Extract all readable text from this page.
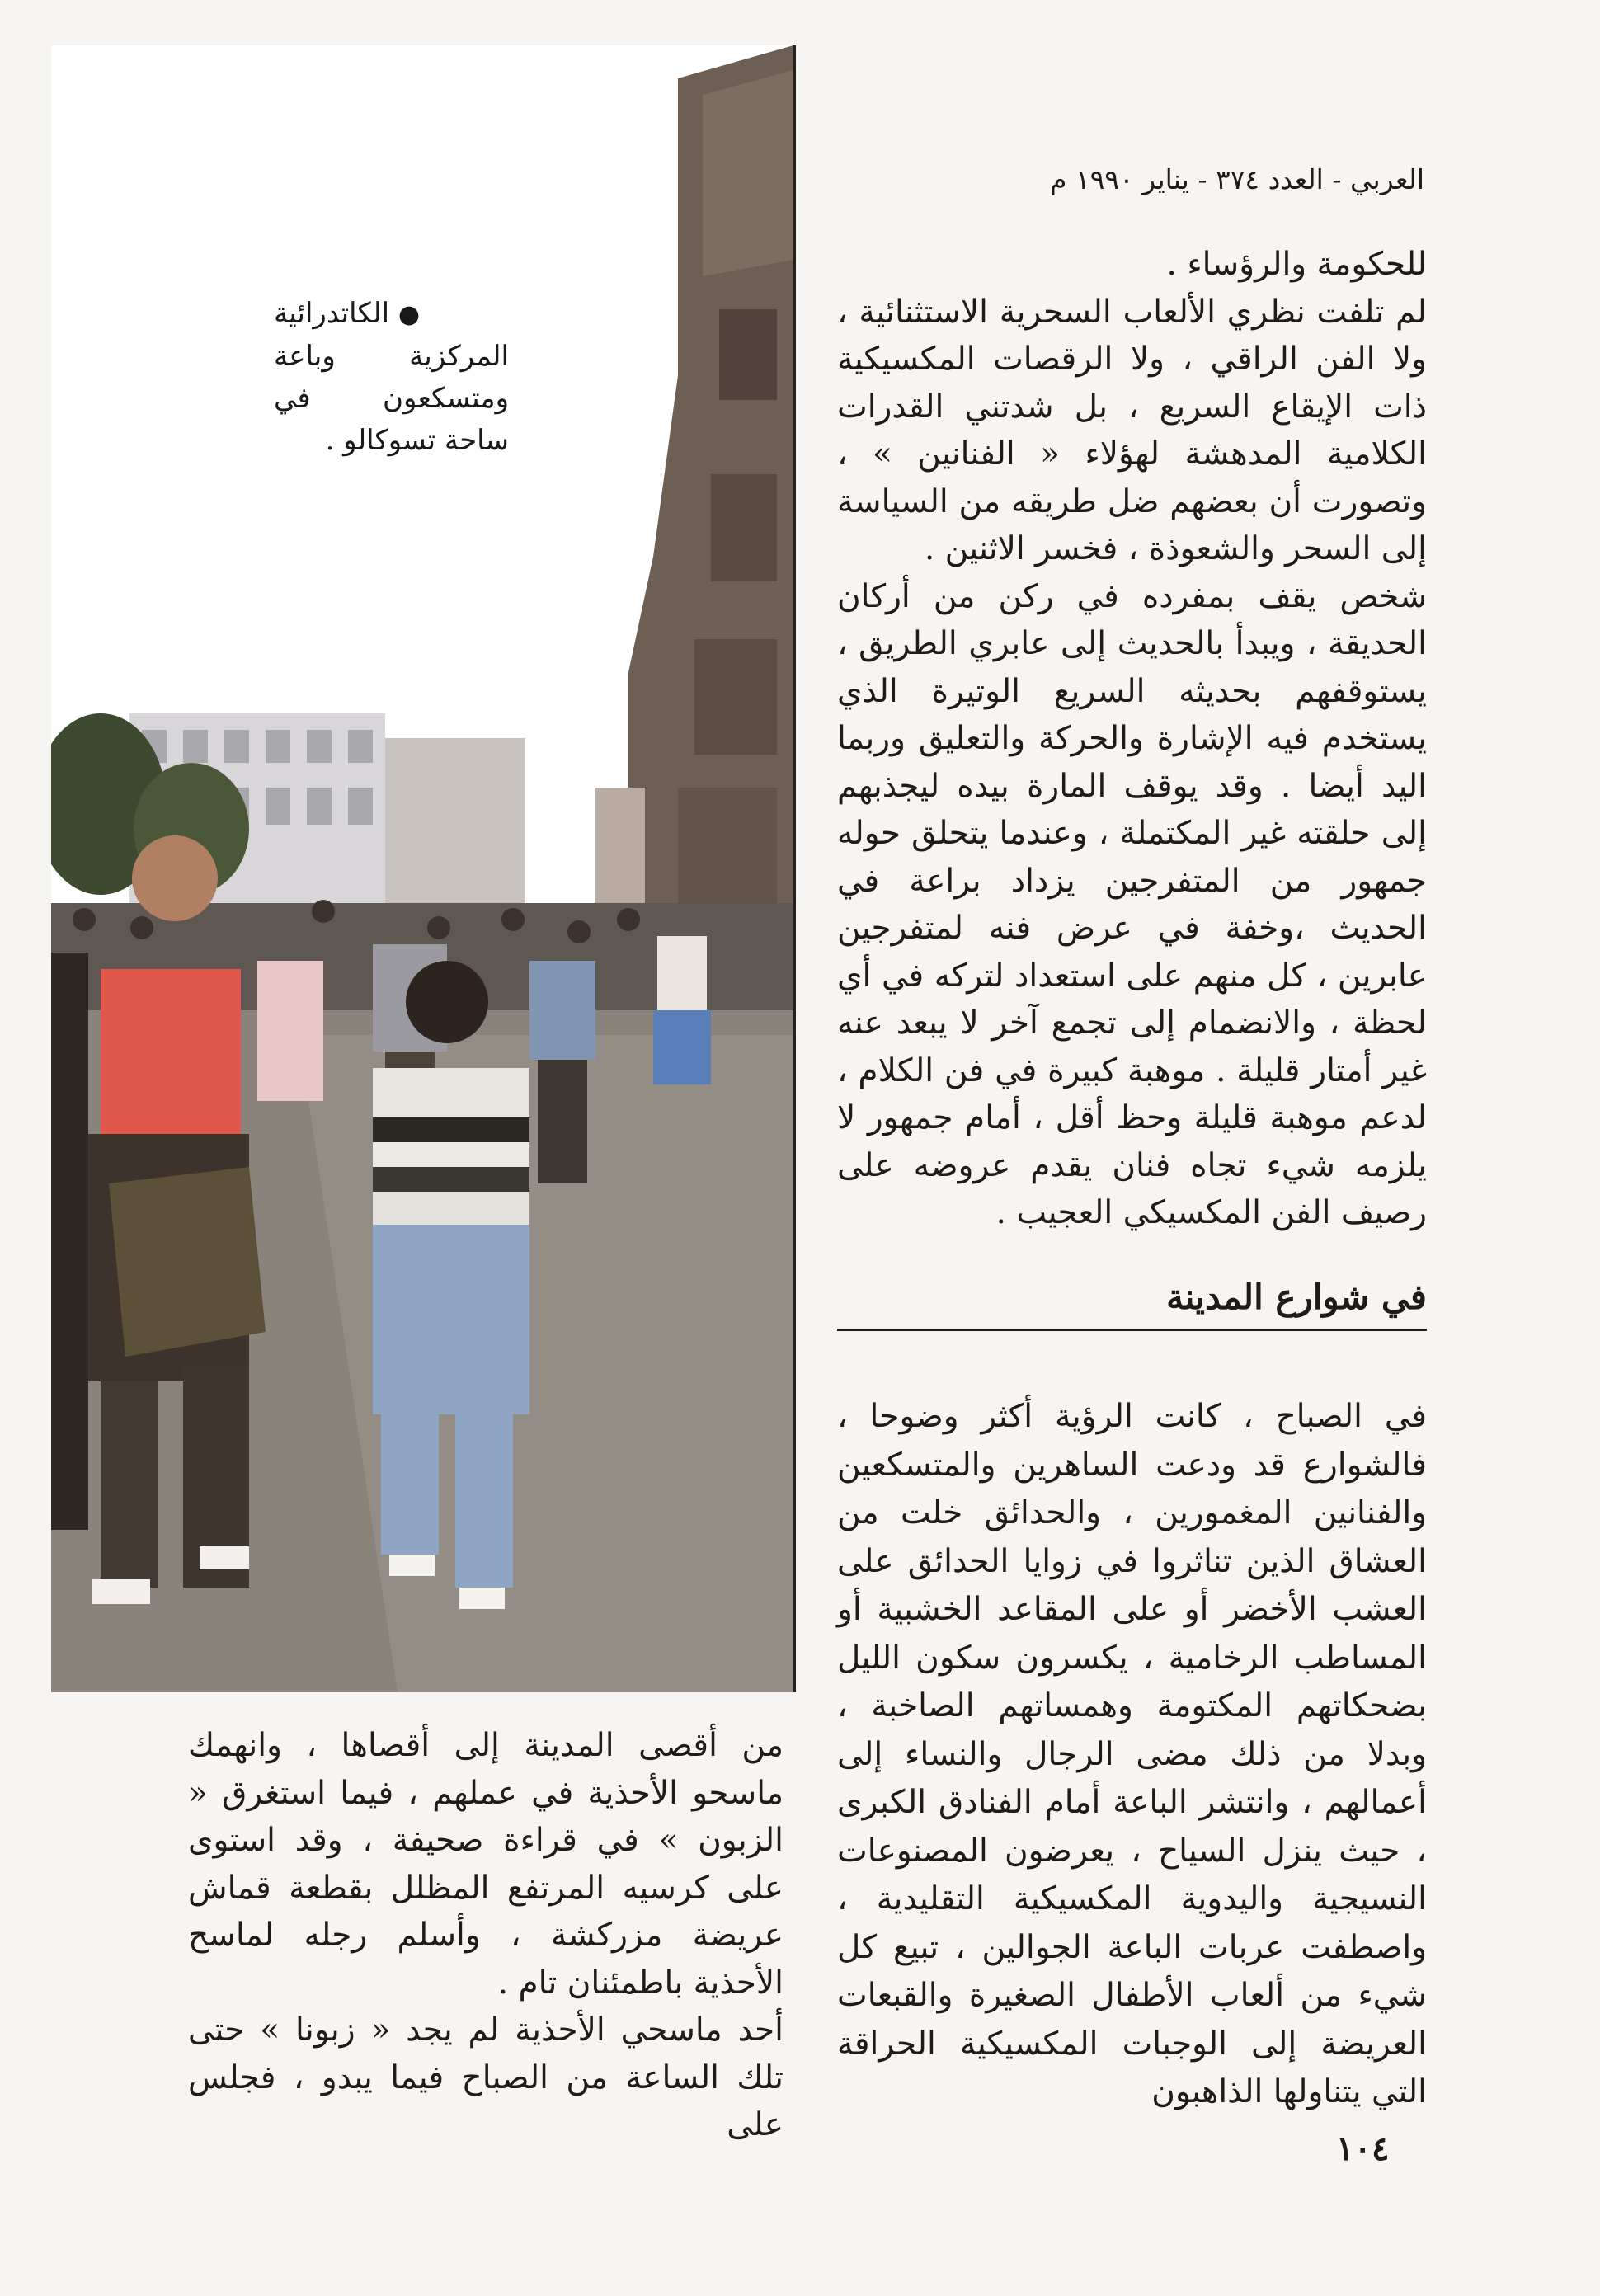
العربي - العدد ٣٧٤ - يناير ١٩٩٠ م
● الكاتدرائية المركزية وباعة ومتسكعون في ساحة تسوكالو .

للحكومة والرؤساء .

لم تلفت نظري الألعاب السحرية الاستثنائية ، ولا الفن الراقي ، ولا الرقصات المكسيكية ذات الإيقاع السريع ، بل شدتني القدرات الكلامية المدهشة لهؤلاء « الفنانين » ، وتصورت أن بعضهم ضل طريقه من السياسة إلى السحر والشعوذة ، فخسر الاثنين .

شخص يقف بمفرده في ركن من أركان الحديقة ، ويبدأ بالحديث إلى عابري الطريق ، يستوقفهم بحديثه السريع الوتيرة الذي يستخدم فيه الإشارة والحركة والتعليق وربما اليد أيضا . وقد يوقف المارة بيده ليجذبهم إلى حلقته غير المكتملة ، وعندما يتحلق حوله جمهور من المتفرجين يزداد براعة في الحديث ،وخفة في عرض فنه لمتفرجين عابرين ، كل منهم على استعداد لتركه في أي لحظة ، والانضمام إلى تجمع آخر لا يبعد عنه غير أمتار قليلة . موهبة كبيرة في فن الكلام ، لدعم موهبة قليلة وحظ أقل ، أمام جمهور لا يلزمه شيء تجاه فنان يقدم عروضه على رصيف الفن المكسيكي العجيب .

في شوارع المدينة

في الصباح ، كانت الرؤية أكثر وضوحا ، فالشوارع قد ودعت الساهرين والمتسكعين والفنانين المغمورين ، والحدائق خلت من العشاق الذين تناثروا في زوايا الحدائق على العشب الأخضر أو على المقاعد الخشبية أو المساطب الرخامية ، يكسرون سكون الليل بضحكاتهم المكتومة وهمساتهم الصاخبة ، وبدلا من ذلك مضى الرجال والنساء إلى أعمالهم ، وانتشر الباعة أمام الفنادق الكبرى ، حيث ينزل السياح ، يعرضون المصنوعات النسيجية واليدوية المكسيكية التقليدية ، واصطفت عربات الباعة الجوالين ، تبيع كل شيء من ألعاب الأطفال الصغيرة والقبعات العريضة إلى الوجبات المكسيكية الحراقة التي يتناولها الذاهبون

من أقصى المدينة إلى أقصاها ، وانهمك ماسحو الأحذية في عملهم ، فيما استغرق « الزبون » في قراءة صحيفة ، وقد استوى على كرسيه المرتفع المظلل بقطعة قماش عريضة مزركشة ، وأسلم رجله لماسح الأحذية باطمئنان تام .

أحد ماسحي الأحذية لم يجد « زبونا » حتى تلك الساعة من الصباح فيما يبدو ، فجلس على

١٠٤
